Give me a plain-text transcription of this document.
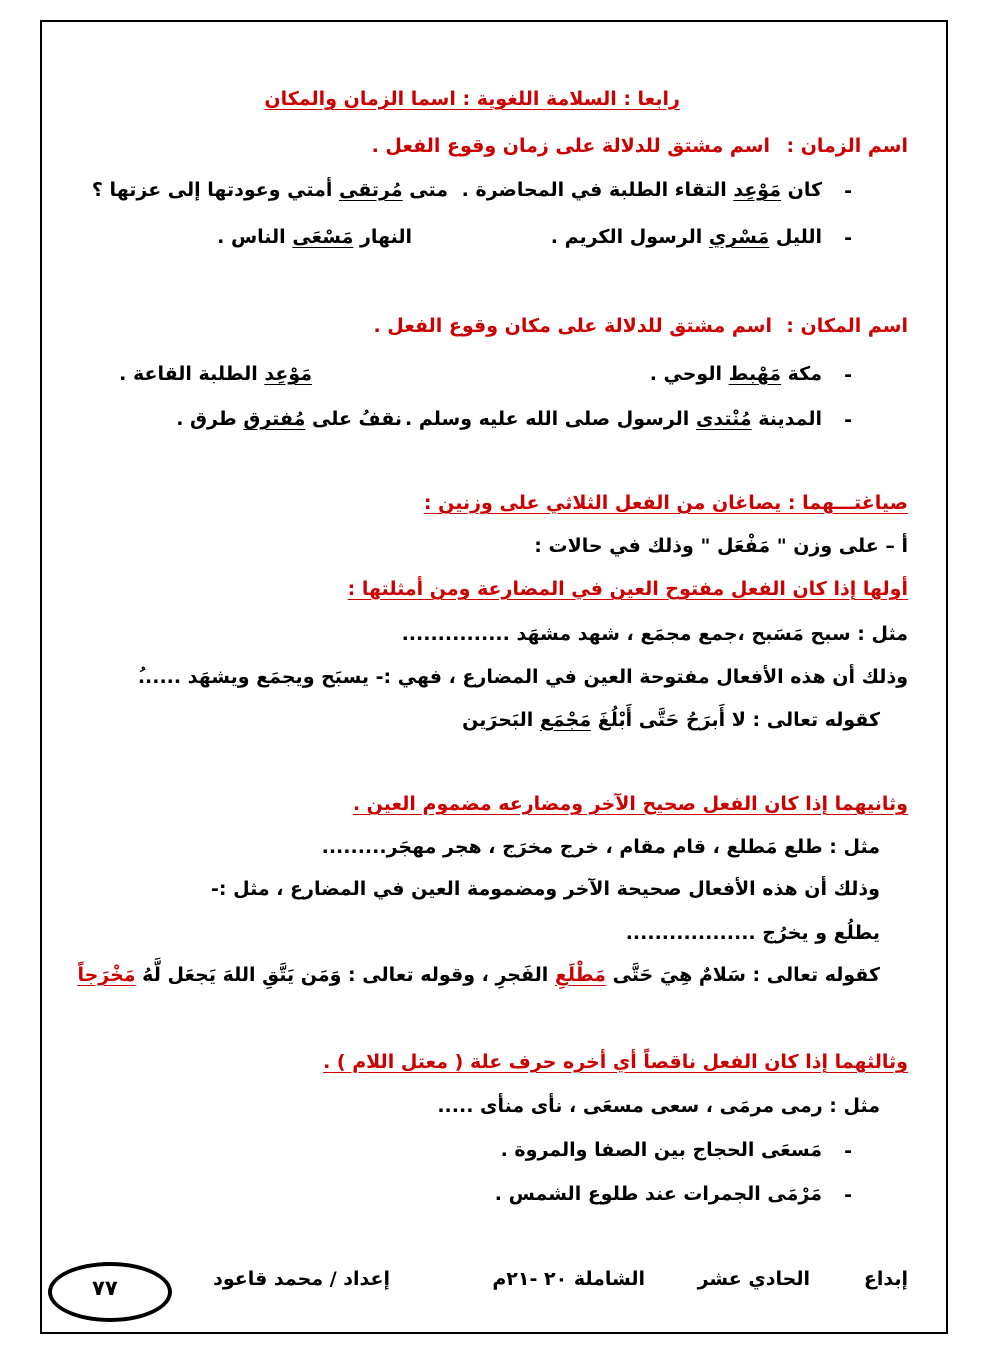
رابعا : السلامة اللغوية : اسما الزمان والمكان
اسم الزمان :
اسم مشتق للدلالة على زمان وقوع الفعل .
-
كان مَوْعِد التقاء الطلبة في المحاضرة .
متى مُرتقى أمتي وعودتها إلى عزتها ؟
-
الليل مَسْري الرسول الكريم .
النهار مَسْعَى الناس .
اسم المكان :
اسم مشتق للدلالة على مكان وقوع الفعل .
-
مكة مَهْبط الوحي .
مَوْعِد الطلبة القاعة .
-
المدينة مُنْتدى الرسول صلى الله عليه وسلم .
نقفُ على مُفترق طرق .
صياغتـــهما : يصاغان من الفعل الثلاثي على وزنين :
أ – على وزن " مَفْعَل " وذلك في حالات :
أولها إذا كان الفعل مفتوح العين في المضارعة ومن أمثلتها :
مثل : سبح مَسَبح ،جمع مجمَع ، شهد مشهَد ...............
وذلك أن هذه الأفعال مفتوحة العين في المضارع ، فهي :- يسبَح ويجمَع ويشهَد ......ُ
كقوله تعالى : لا أَبرَحُ حَتَّى أَبْلُغَ مَجْمَع البَحرَين
وثانيهما إذا كان الفعل صحيح الآخر ومضارعه مضموم العين .
مثل : طلع مَطلع ، قام مقام ، خرج مخرَج ، هجر مهجَر.........
وذلك أن هذه الأفعال صحيحة الآخر ومضمومة العين في المضارع ، مثل :-
يطلُع و يخرُج ..................
كقوله تعالى : سَلامٌ هِيَ حَتَّى مَطْلَعِ الفَجرِ ، وقوله تعالى : وَمَن يَتَّقِ اللهَ يَجعَل لَّهُ مَخْرَجاً
وثالثهما إذا كان الفعل ناقصاً أي أخره حرف علة ( معتل اللام ) .
مثل : رمى مرمَى ، سعى مسعَى ، نأى منأى .....
-
مَسعَى الحجاج بين الصفا والمروة .
-
مَرْمَى الجمرات عند طلوع الشمس .
إبداع
الحادي عشر
الشاملة ٢٠ -٢١م
إعداد / محمد قاعود
٧٧
